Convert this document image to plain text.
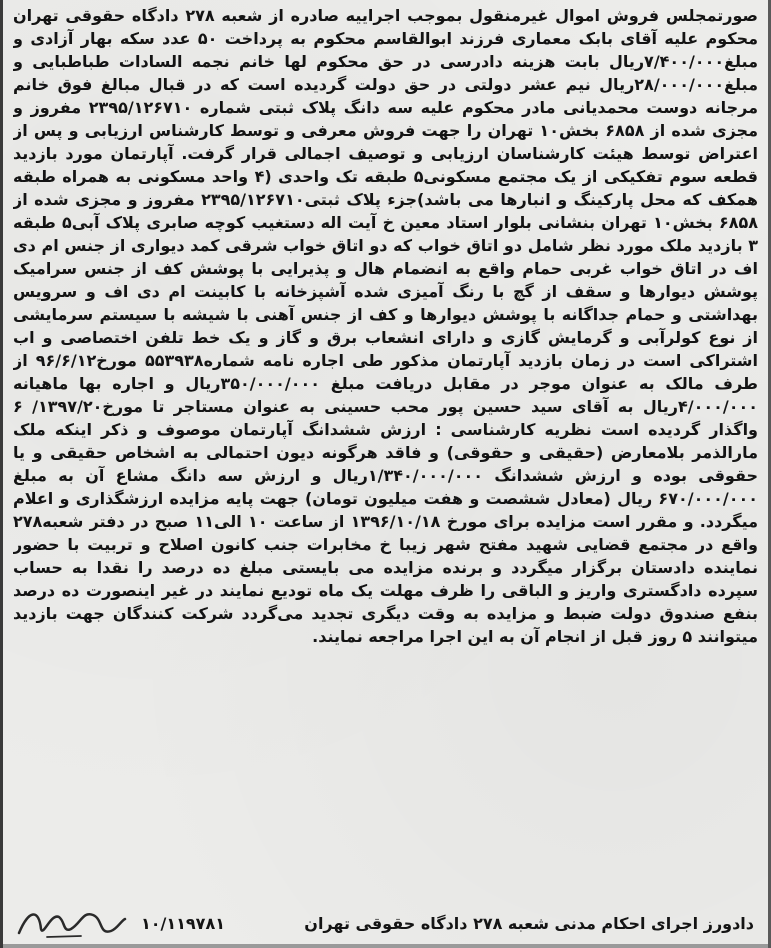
صورتمجلس فروش اموال غیرمنقول بموجب اجراییه صادره از شعبه ۲۷۸ دادگاه حقوقی تهران محکوم علیه آقای بابک معماری فرزند ابوالقاسم محکوم به پرداخت ۵۰ عدد سکه بهار آزادی و مبلغ۷/۴۰۰/۰۰۰ریال بابت هزینه دادرسی در حق محکوم لها خانم نجمه السادات طباطبایی و مبلغ۲۸/۰۰۰/۰۰۰ریال نیم عشر دولتی در حق دولت گردیده است که در قبال مبالغ فوق خانم مرجانه دوست محمدیانی مادر محکوم علیه سه دانگ پلاک ثبتی شماره ۲۳۹۵/۱۲۶۷۱۰ مفروز و مجزی شده از ۶۸۵۸ بخش۱۰ تهران را جهت فروش معرفی و توسط کارشناس ارزیابی و پس از اعتراض توسط هیئت کارشناسان ارزیابی و توصیف اجمالی قرار گرفت. آپارتمان مورد بازدید قطعه سوم تفکیکی از یک مجتمع مسکونی۵ طبقه تک واحدی (۴ واحد مسکونی به همراه طبقه همکف که محل پارکینگ و انبارها می باشد)جزء پلاک ثبتی۲۳۹۵/۱۲۶۷۱۰ مفروز و مجزی شده از ۶۸۵۸ بخش۱۰ تهران بنشانی بلوار استاد معین خ آیت اله دستغیب کوچه صابری پلاک آبی۵ طبقه ۳ بازدید ملک مورد نظر شامل دو اتاق خواب که دو اتاق خواب شرقی کمد دیواری از جنس ام دی اف در اتاق خواب غربی حمام واقع به انضمام هال و پذیرایی با پوشش کف از جنس سرامیک پوشش دیوارها و سقف از گچ با رنگ آمیزی شده آشپزخانه با کابینت ام دی اف و سرویس بهداشتی و حمام جداگانه با پوشش دیوارها و کف از جنس آهنی با شیشه با سیستم سرمایشی از نوع کولرآبی و گرمایش گازی و دارای انشعاب برق و گاز و یک خط تلفن اختصاصی و اب اشتراکی است در زمان بازدید آپارتمان مذکور طی اجاره نامه شماره۵۵۳۹۳۸ مورخ۹۶/۶/۱۲ از طرف مالک به عنوان موجر در مقابل دریافت مبلغ ۳۵۰/۰۰۰/۰۰۰ریال و اجاره بها ماهیانه ۴/۰۰۰/۰۰۰ریال به آقای سید حسین پور محب حسینی به عنوان مستاجر تا مورخ۱۳۹۷/۲۰/ ۶ واگذار گردیده است نظریه کارشناسی : ارزش ششدانگ آپارتمان موصوف و ذکر اینکه ملک مارالذمر بلامعارض (حقیقی و حقوقی) و فاقد هرگونه دیون احتمالی به اشخاص حقیقی و یا حقوقی بوده و ارزش ششدانگ ۱/۳۴۰/۰۰۰/۰۰۰ریال و ارزش سه دانگ مشاع آن به مبلغ ۶۷۰/۰۰۰/۰۰۰ ریال (معادل ششصت و هفت میلیون تومان) جهت پایه مزایده ارزشگذاری و اعلام میگردد. و مقرر است مزایده برای مورخ ۱۳۹۶/۱۰/۱۸ از ساعت ۱۰ الی۱۱ صبح در دفتر شعبه۲۷۸ واقع در مجتمع قضایی شهید مفتح شهر زیبا خ مخابرات جنب کانون اصلاح و تربیت با حضور نماینده دادستان برگزار میگردد و برنده مزایده می بایستی مبلغ ده درصد را نقدا به حساب سپرده دادگستری واریز و الباقی را ظرف مهلت یک ماه تودیع نمایند در غیر اینصورت ده درصد بنفع صندوق دولت ضبط و مزایده به وقت دیگری تجدید می‌گردد شرکت کنندگان جهت بازدید میتوانند ۵ روز قبل از انجام آن به این اجرا مراجعه نمایند.

دادورز اجرای احکام مدنی شعبه ۲۷۸ دادگاه حقوقی تهران
۱۰/۱۱۹۷۸۱
